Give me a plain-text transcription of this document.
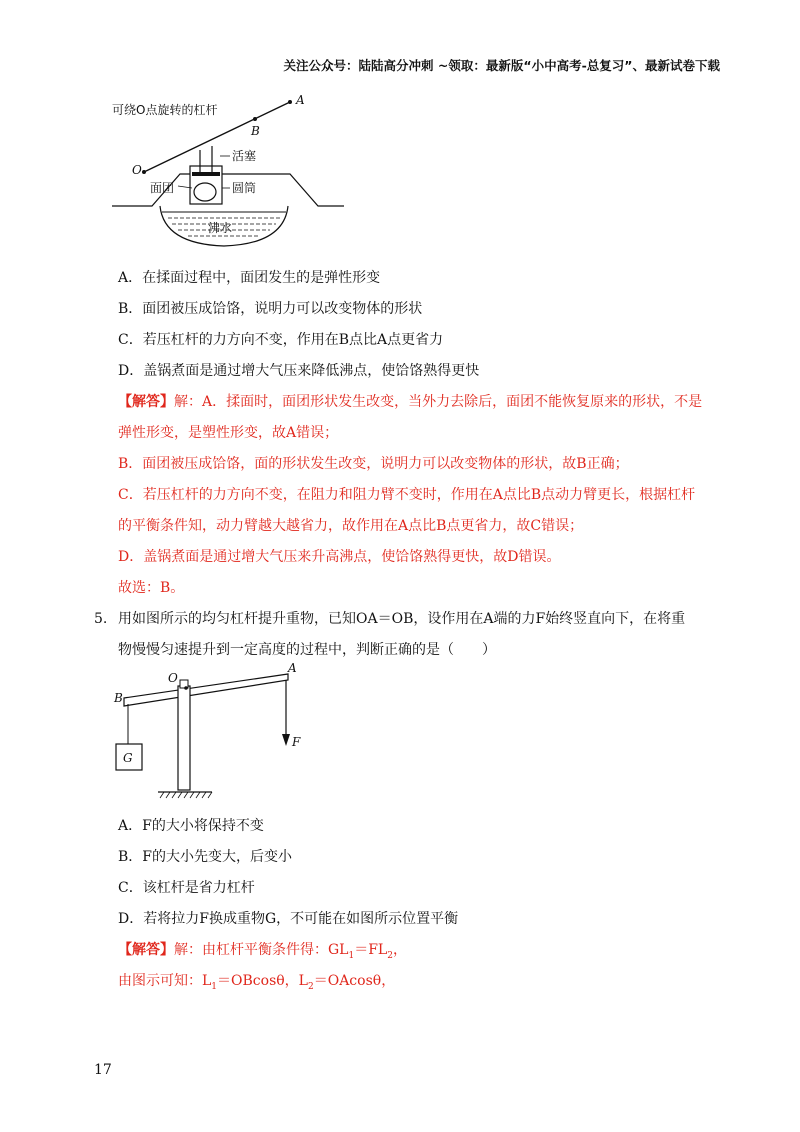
关注公众号：陆陆高分冲刺 ~领取：最新版“小中高考-总复习”、最新试卷下载
可绕O点旋转的杠杆
A
B
O
活塞
面团	圆筒
沸水
A．在揉面过程中，面团发生的是弹性形变
B．面团被压成饸饹，说明力可以改变物体的形状
C．若压杠杆的力方向不变，作用在B点比A点更省力
D．盖锅煮面是通过增大气压来降低沸点，使饸饹熟得更快
【解答】解：A．揉面时，面团形状发生改变，当外力去除后，面团不能恢复原来的形状，不是
弹性形变，是塑性形变，故A错误；
B．面团被压成饸饹，面的形状发生改变，说明力可以改变物体的形状，故B正确；
C．若压杠杆的力方向不变，在阻力和阻力臂不变时，作用在A点比B点动力臂更长，根据杠杆
的平衡条件知，动力臂越大越省力，故作用在A点比B点更省力，故C错误；
D．盖锅煮面是通过增大气压来升高沸点，使饸饹熟得更快，故D错误。
故选：B。
5. 用如图所示的均匀杠杆提升重物，已知OA＝OB，设作用在A端的力F始终竖直向下，在将重
物慢慢匀速提升到一定高度的过程中，判断正确的是（　　）
O
A
B
G
F
A．F的大小将保持不变
B．F的大小先变大，后变小
C．该杠杆是省力杠杆
D．若将拉力F换成重物G，不可能在如图所示位置平衡
【解答】解：由杠杆平衡条件得：$GL_1=FL_2$，
由图示可知：$L_1=OBcos\theta$，$L_2=OAcos\theta$，
17
